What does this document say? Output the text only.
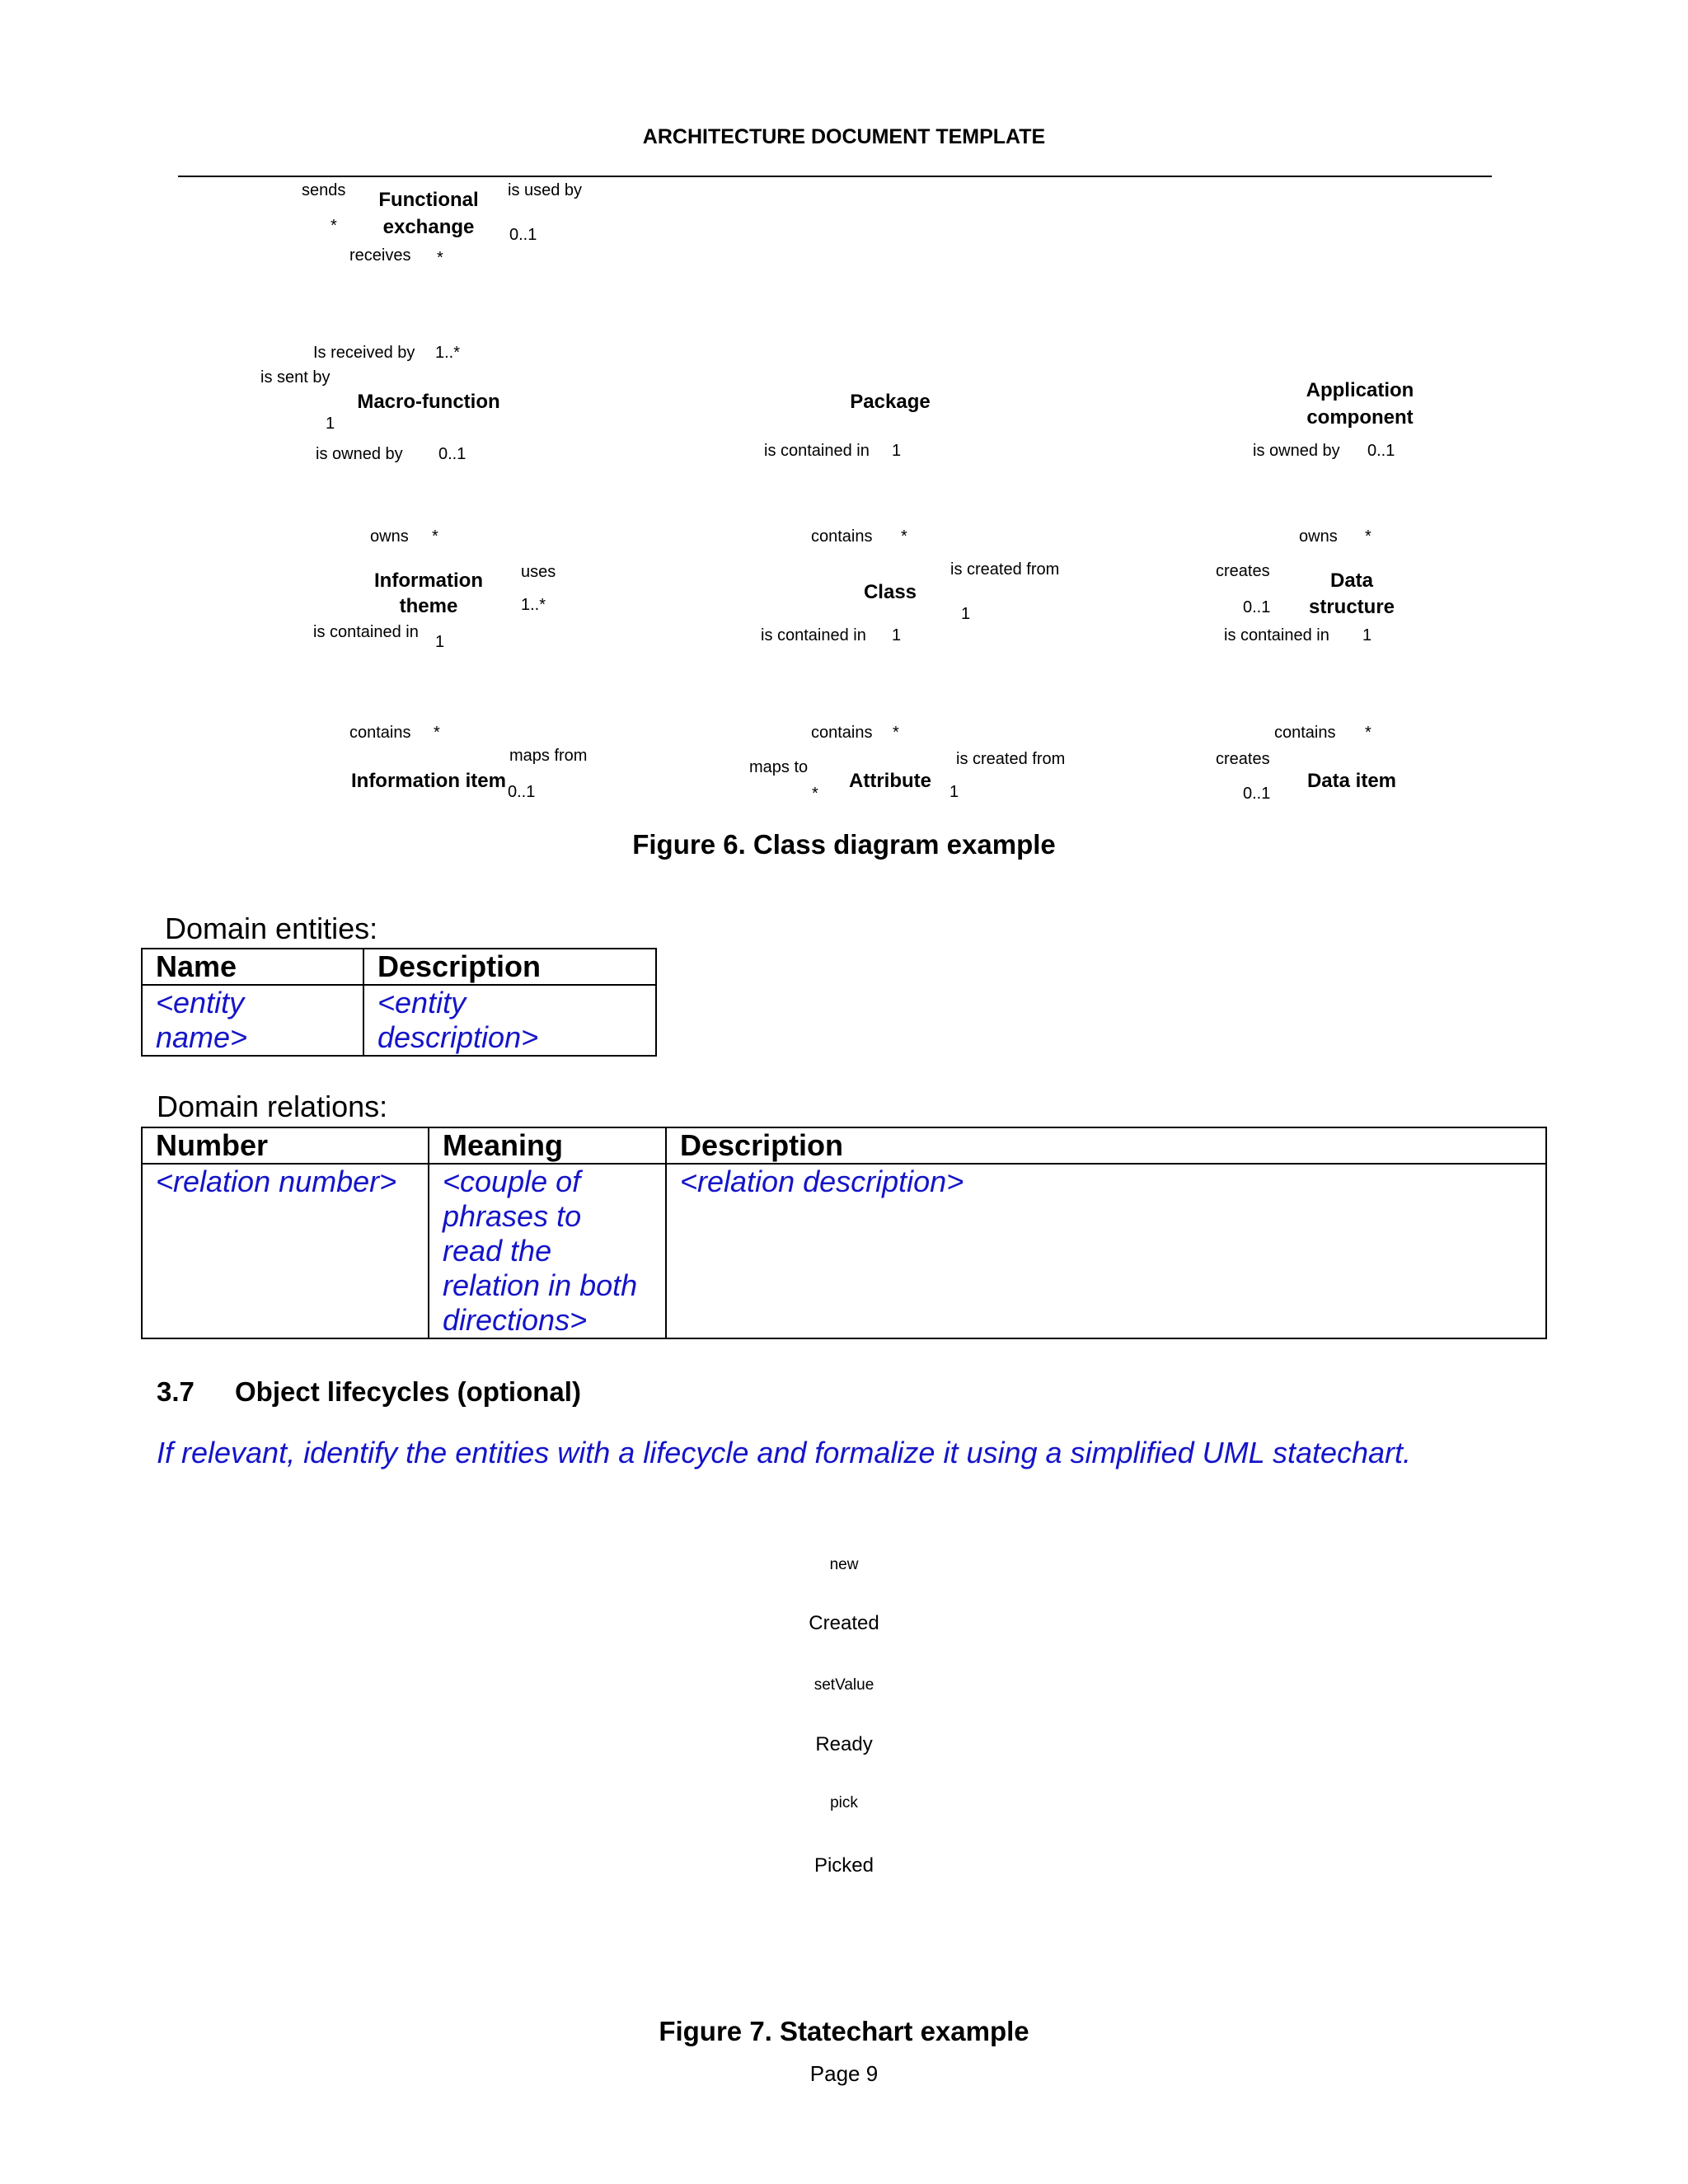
ARCHITECTURE DOCUMENT TEMPLATE
Functional
exchange
Macro-function	Package
Application
component
Information
theme
Class
Data
structure
Information item	Attribute	Data item
sends
*
receives *
is used by
0..1
Is received by 1..*
is sent by
1
is owned by 0..1	is contained in 1	is owned by 0..1
owns *
uses
1..*
is contained in
1
contains *
is created from
1
is contained in 1
owns *
creates
0..1
is contained in 1
contains *
maps from
0..1
contains *
maps to
*
is created from
1
contains *
creates
0..1
Figure 6. Class diagram example
Domain entities:
Name	Description
<entity
name>	<entity
description>
Domain relations:
Number	Meaning	Description
<relation number>	<couple of
phrases to
read the
relation in both
directions>	<relation description>
3.7 Object lifecycles (optional)
If relevant, identify the entities with a lifecycle and formalize it using a simplified UML statechart.
new
Created
setValue
Ready
pick
Picked
Figure 7. Statechart example
Page 9
